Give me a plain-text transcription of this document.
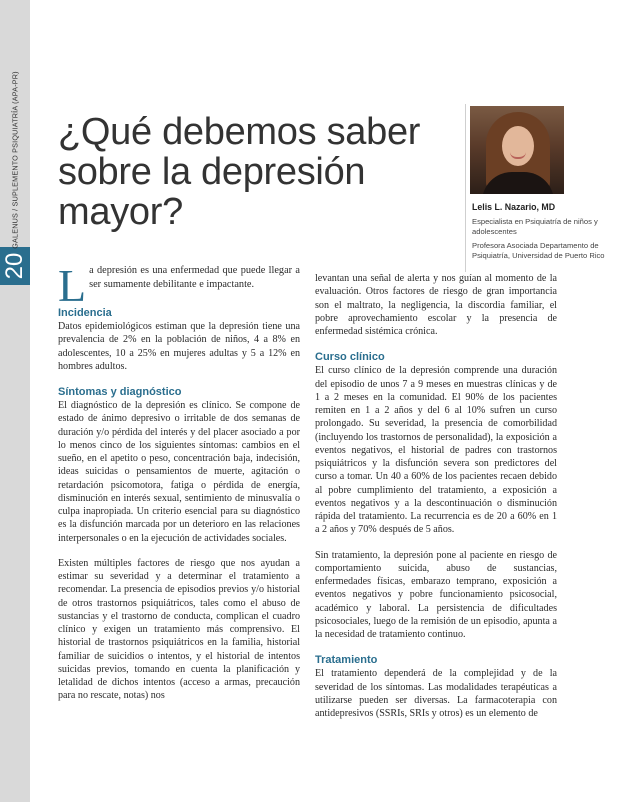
20
GALENUS / SUPLEMENTO PSIQUIATRÍA (APA-PR) ¿Qué debemos saber
sobre la depresión
mayor?	Lelis L. Nazario, MD
Especialista en Psiquiatría de niños y adolescentes
Profesora Asociada Departamento de Psiquiatría, Universidad de Puerto Rico

La depresión es una enfermedad que puede llegar a ser sumamente debilitante e impactante.

Incidencia

Datos epidemiológicos estiman que la depresión tiene una prevalencia de 2% en la población de niños, 4 a 8% en adolescentes, 10 a 25% en mujeres adultas y 5 a 12% en hombres adultos.

Síntomas y diagnóstico

El diagnóstico de la depresión es clínico. Se compone de estado de ánimo depresivo o irritable de dos semanas de duración y/o pérdida del interés y del placer asociado a por lo menos cinco de los siguientes síntomas: cambios en el sueño, en el apetito o peso, concentración baja, indecisión, ideas suicidas o pensamientos de muerte, agitación o retardación psicomotora, fatiga o pérdida de energía, disminución en interés sexual, sentimiento de minusvalía o culpa inapropiada. Un criterio esencial para su diagnóstico es la disfunción marcada por un deterioro en las relaciones interpersonales o en la ejecución de actividades sociales.

Existen múltiples factores de riesgo que nos ayudan a estimar su severidad y a determinar el tratamiento a recomendar. La presencia de episodios previos y/o historial de otros trastornos psiquiátricos, tales como el abuso de sustancias y el trastorno de conducta, complican el cuadro clínico y exigen un tratamiento más comprensivo. El historial de trastornos psiquiátricos en la familia, historial familiar de suicidios o intentos, y el historial de intentos suicidas previos, tomando en cuenta la planificación y letalidad de dichos intentos (acceso a armas, precaución para no rescate, notas) nos

levantan una señal de alerta y nos guían al momento de la evaluación. Otros factores de riesgo de gran importancia son el maltrato, la negligencia, la discordia familiar, el pobre aprovechamiento escolar y la presencia de enfermedad sistémica crónica.

Curso clínico

El curso clínico de la depresión comprende una duración del episodio de unos 7 a 9 meses en muestras clínicas y de 1 a 2 meses en la comunidad. El 90% de los pacientes remiten en 1 a 2 años y del 6 al 10% sufren un curso prolongado. Su severidad, la presencia de comorbilidad (incluyendo los trastornos de personalidad), la exposición a eventos negativos, el historial de padres con trastornos psiquiátricos y la disfunción severa son predictores del curso a tomar. Un 40 a 60% de los pacientes recaen debido al pobre cumplimiento del tratamiento, a exposición a eventos negativos y a la descontinuación o disminución rápida del tratamiento. La recurrencia es de 20 a 60% en 1 a 2 años y 70% después de 5 años.

Sin tratamiento, la depresión pone al paciente en riesgo de comportamiento suicida, abuso de sustancias, enfermedades físicas, embarazo temprano, exposición a eventos negativos y pobre funcionamiento psicosocial, académico y laboral. La persistencia de dificultades psicosociales, luego de la remisión de un episodio, apunta a la necesidad de tratamiento continuo.

Tratamiento

El tratamiento dependerá de la complejidad y de la severidad de los síntomas. Las modalidades terapéuticas a utilizarse pueden ser diversas. La farmacoterapia con antidepresivos (SSRIs, SRIs y otros) es un elemento de
